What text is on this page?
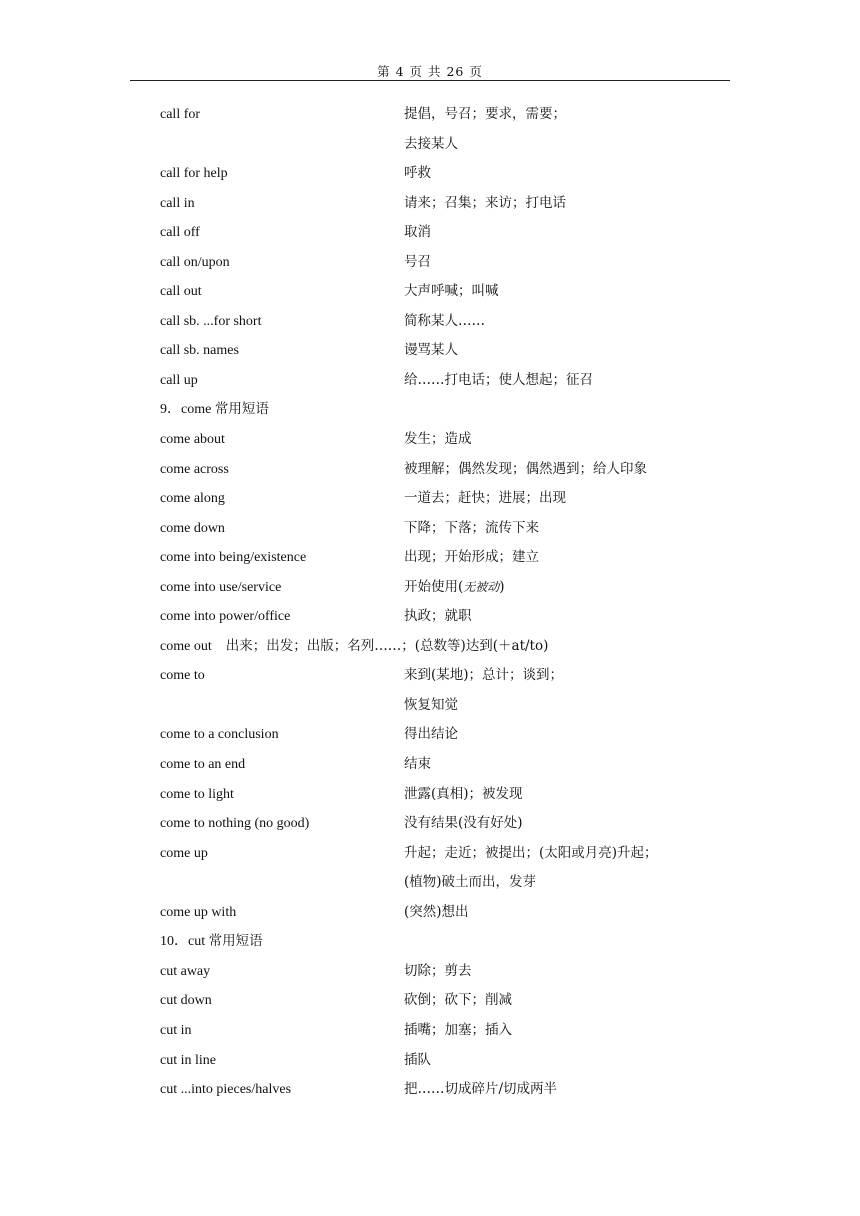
第 4 页 共 26 页
call for	提倡，号召；要求，需要；
去接某人
call for help	呼救
call in	请来；召集；来访；打电话
call off	取消
call on/upon	号召
call out	大声呼喊；叫喊
call sb. ...for short	简称某人……
call sb. names	谩骂某人
call up	给……打电话；使人想起；征召
9．come 常用短语
come about	发生；造成
come across	被理解；偶然发现；偶然遇到；给人印象
come along	一道去；赶快；进展；出现
come down	下降；下落；流传下来
come into being/existence	出现；开始形成；建立
come into use/service	开始使用(无被动)
come into power/office	执政；就职
come out 出来；出发；出版；名列……；(总数等)达到(＋at/to)
come to	来到(某地)；总计；谈到；
恢复知觉
come to a conclusion	得出结论
come to an end	结束
come to light	泄露(真相)；被发现
come to nothing (no good)	没有结果(没有好处)
come up	升起；走近；被提出；(太阳或月亮)升起；
(植物)破土而出，发芽
come up with	(突然)想出
10．cut 常用短语
cut away	切除；剪去
cut down	砍倒；砍下；削减
cut in	插嘴；加塞；插入
cut in line	插队
cut ...into pieces/halves	把……切成碎片/切成两半
